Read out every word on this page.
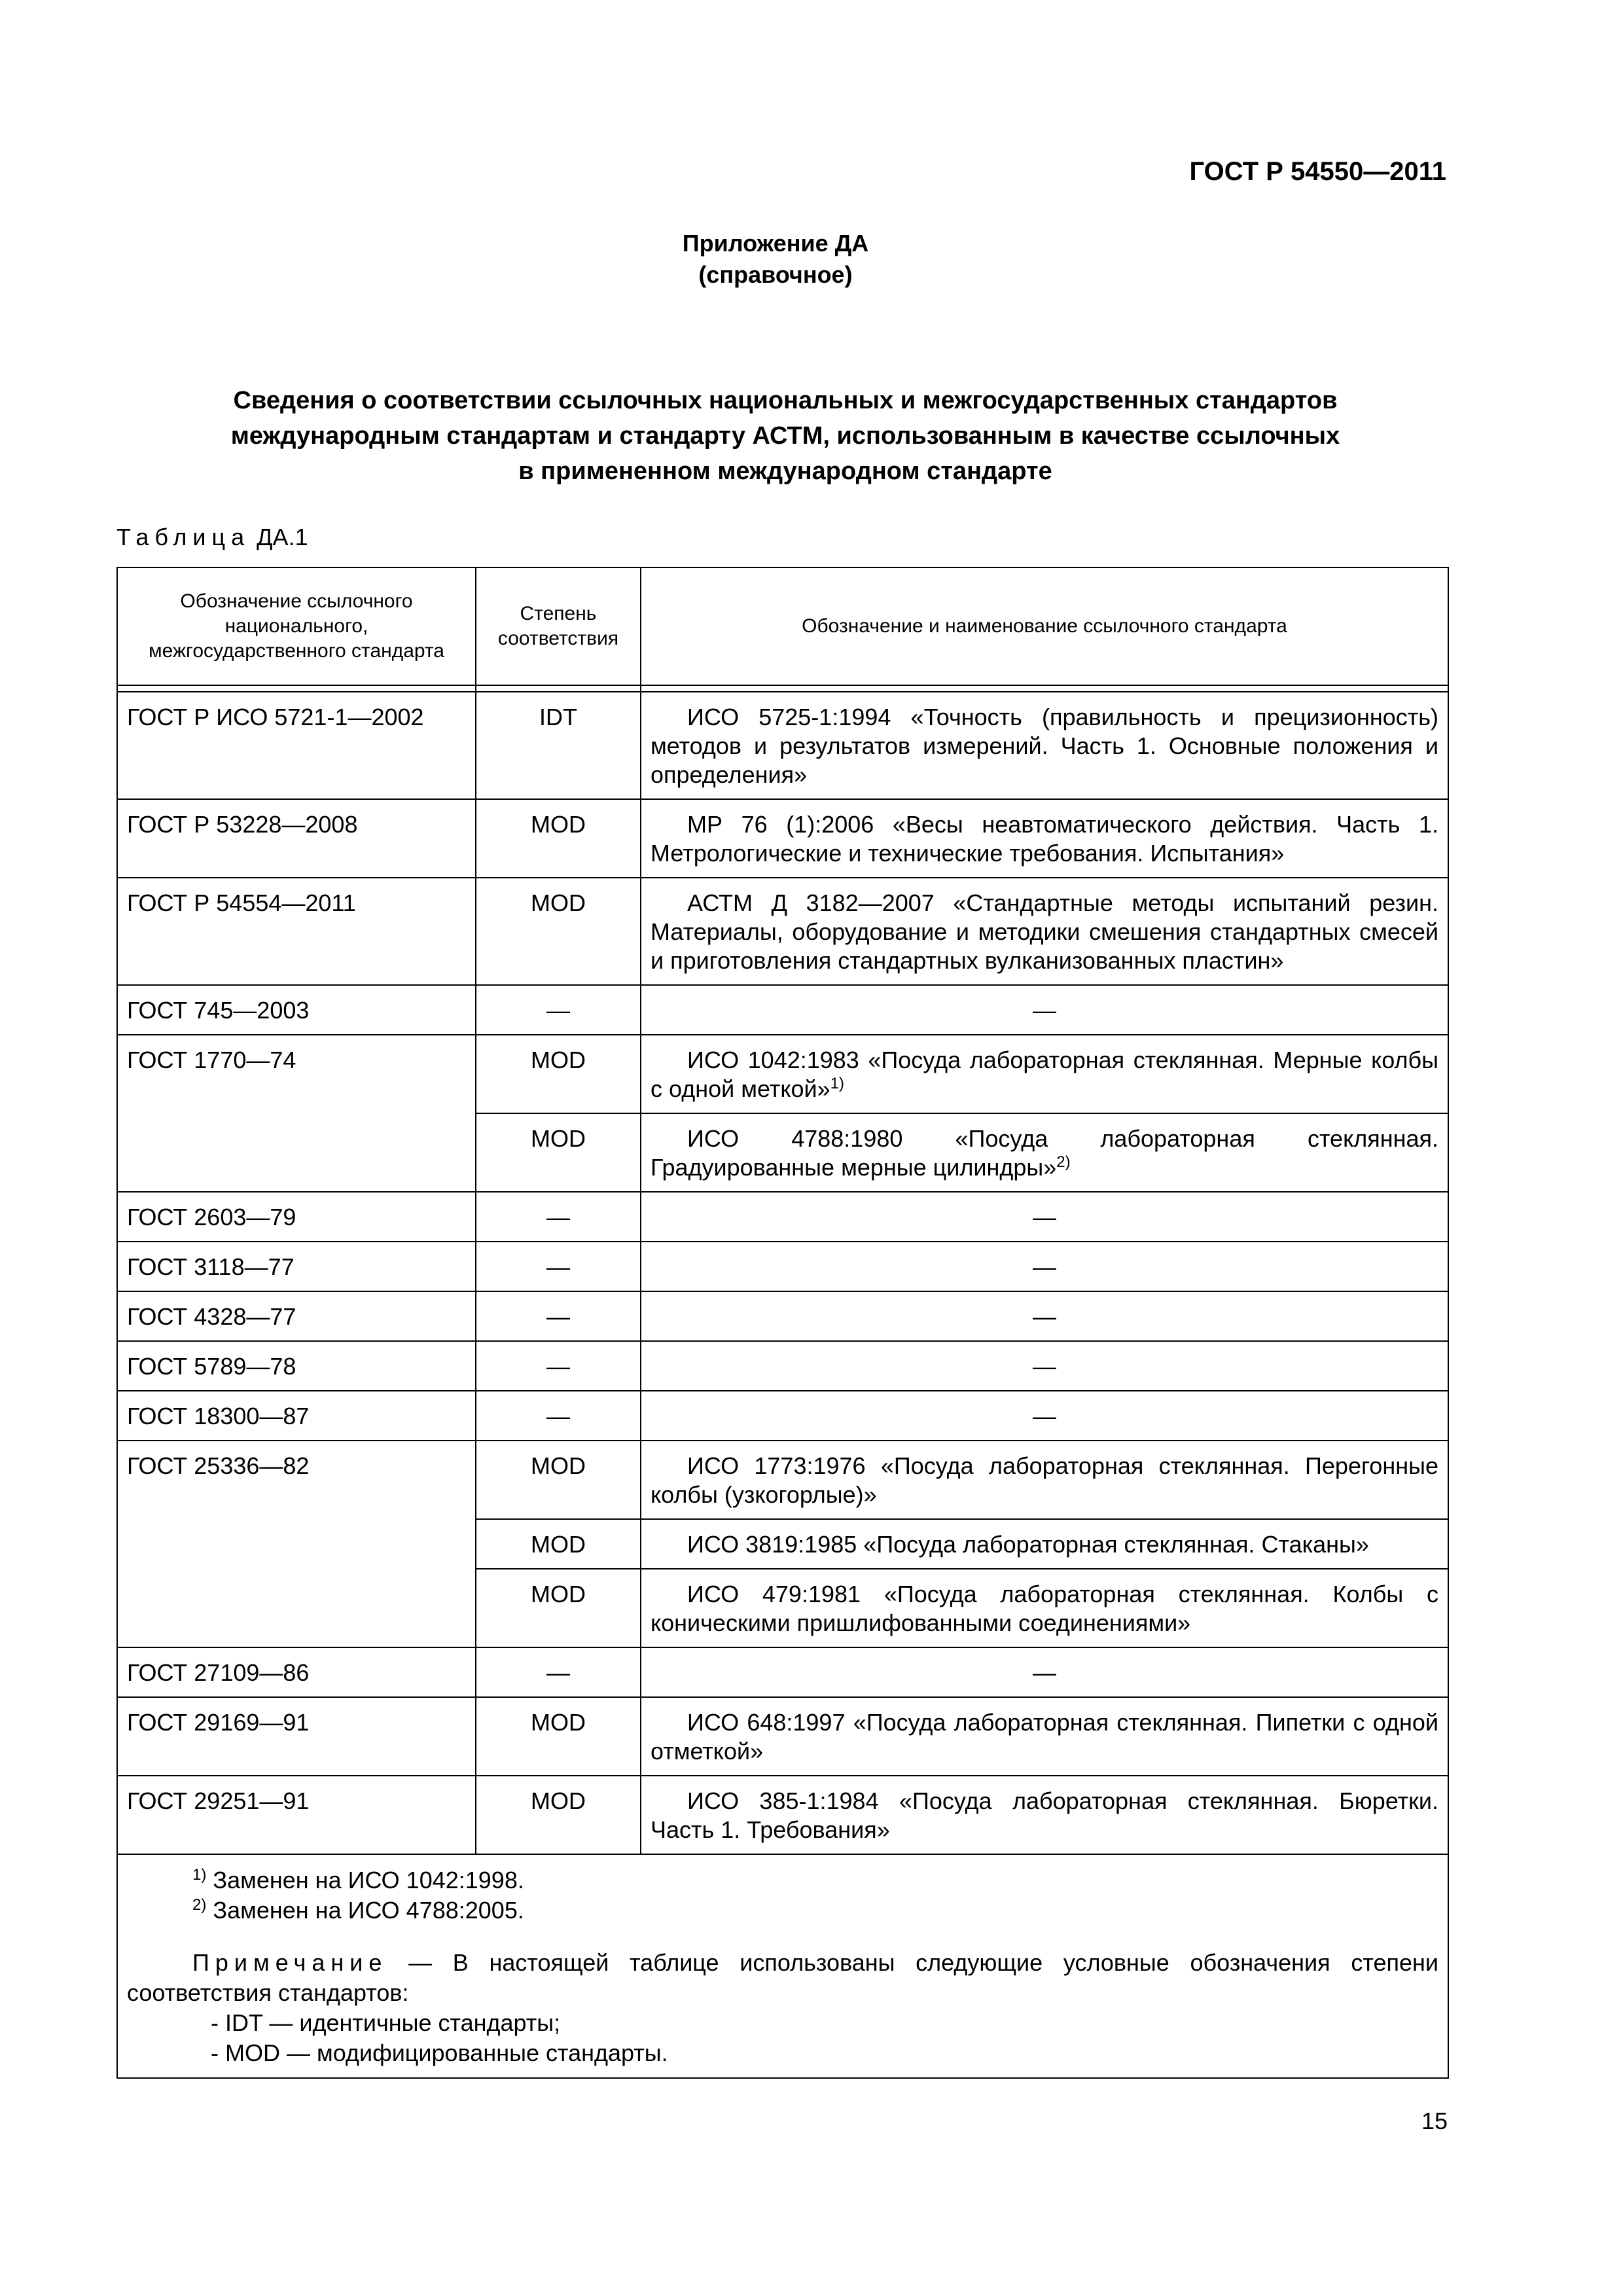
ГОСТ Р 54550—2011
Приложение ДА
(справочное)
Сведения о соответствии ссылочных национальных и межгосударственных стандартов
международным стандартам и стандарту АСТМ, использованным в качестве ссылочных
в примененном международном стандарте
Таблица ДА.1
Обозначение ссылочного национального, межгосударственного стандарта	Степень соответствия	Обозначение и наименование ссылочного стандарта

ГОСТ Р ИСО 5721-1—2002	IDT	ИСО 5725-1:1994 «Точность (правильность и прецизионность) методов и результатов измерений. Часть 1. Основные положения и определения»
ГОСТ Р 53228—2008	MOD	МР 76 (1):2006 «Весы неавтоматического действия. Часть 1. Метрологические и технические требования. Испытания»
ГОСТ Р 54554—2011	MOD	АСТМ Д 3182—2007 «Стандартные методы испытаний резин. Материалы, оборудование и методики смешения стандартных смесей и приготовления стандартных вулканизованных пластин»
ГОСТ 745—2003	—	—
ГОСТ 1770—74	MOD	ИСО 1042:1983 «Посуда лабораторная стеклянная. Мерные колбы с одной меткой»$^{1)}$
	MOD	ИСО 4788:1980 «Посуда лабораторная стеклянная. Градуированные мерные цилиндры»$^{2)}$
ГОСТ 2603—79	—	—
ГОСТ 3118—77	—	—
ГОСТ 4328—77	—	—
ГОСТ 5789—78	—	—
ГОСТ 18300—87	—	—
ГОСТ 25336—82	MOD	ИСО 1773:1976 «Посуда лабораторная стеклянная. Перегонные колбы (узкогорлые)»
	MOD	ИСО 3819:1985 «Посуда лабораторная стеклянная. Стаканы»
	MOD	ИСО 479:1981 «Посуда лабораторная стеклянная. Колбы с коническими пришлифованными соединениями»
ГОСТ 27109—86	—	—
ГОСТ 29169—91	MOD	ИСО 648:1997 «Посуда лабораторная стеклянная. Пипетки с одной отметкой»
ГОСТ 29251—91	MOD	ИСО 385-1:1984 «Посуда лабораторная стеклянная. Бюретки. Часть 1. Требования»

$^{1)}$ Заменен на ИСО 1042:1998.
$^{2)}$ Заменен на ИСО 4788:2005.
Примечание — В настоящей таблице использованы следующие условные обозначения степени соответствия стандартов:
- IDT — идентичные стандарты;
- MOD — модифицированные стандарты.		
15
